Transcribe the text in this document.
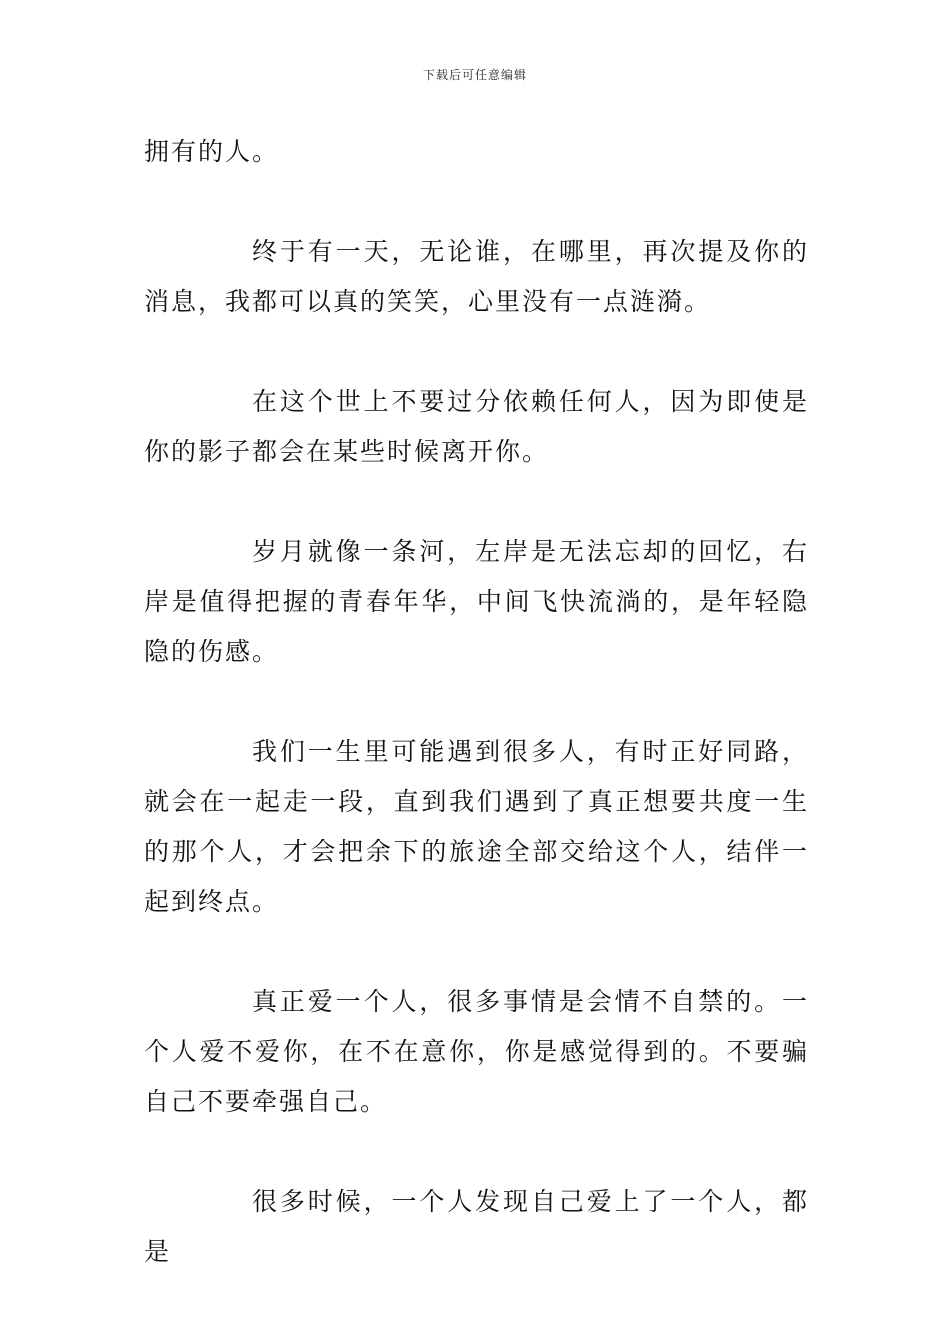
下载后可任意编辑

拥有的人。

终于有一天，无论谁，在哪里，再次提及你的消息，我都可以真的笑笑，心里没有一点涟漪。

在这个世上不要过分依赖任何人，因为即使是你的影子都会在某些时候离开你。

岁月就像一条河，左岸是无法忘却的回忆，右岸是值得把握的青春年华，中间飞快流淌的，是年轻隐隐的伤感。

我们一生里可能遇到很多人，有时正好同路，就会在一起走一段，直到我们遇到了真正想要共度一生的那个人，才会把余下的旅途全部交给这个人，结伴一起到终点。

真正爱一个人，很多事情是会情不自禁的。一个人爱不爱你，在不在意你，你是感觉得到的。不要骗自己不要牵强自己。

很多时候，一个人发现自己爱上了一个人，都是
